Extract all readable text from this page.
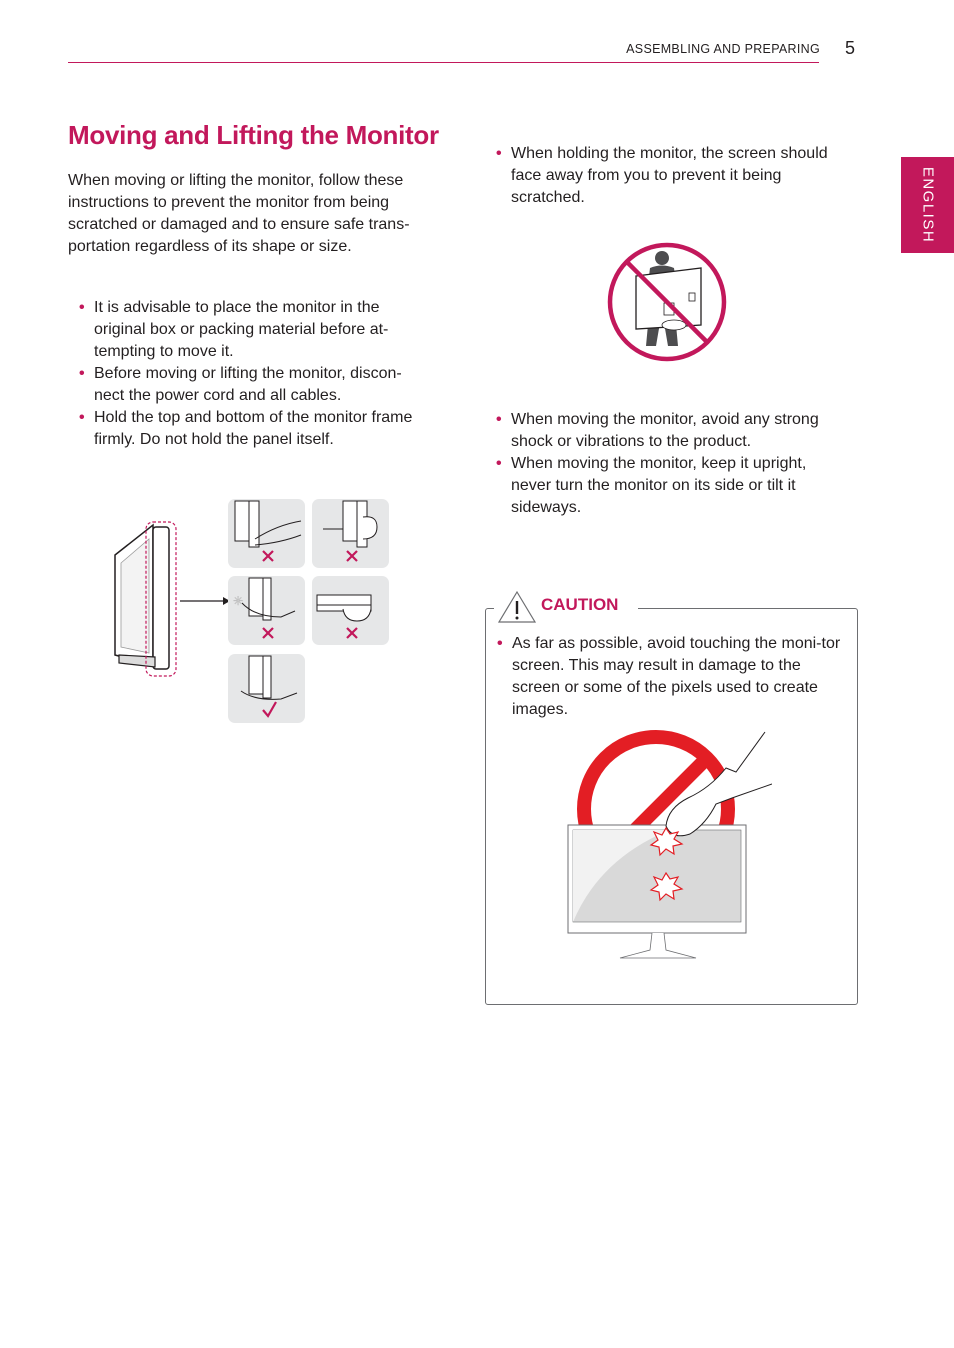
ASSEMBLING AND PREPARING 5
ENGLISH
Moving and Lifting the Monitor
When moving or lifting the monitor, follow these instructions to prevent the monitor from being scratched or damaged and to ensure safe trans-portation regardless of its shape or size.
• It is advisable to place the monitor in the original box or packing material before at-tempting to move it.
• Before moving or lifting the monitor, discon-nect the power cord and all cables.
• Hold the top and bottom of the monitor frame firmly. Do not hold the panel itself.
✳
• When holding the monitor, the screen should face away from you to prevent it being scratched.
• When moving the monitor, avoid any strong shock or vibrations to the product.
• When moving the monitor, keep it upright, never turn the monitor on its side or tilt it sideways.
CAUTION
• As far as possible, avoid touching the moni-tor screen. This may result in damage to the screen or some of the pixels used to create images.
